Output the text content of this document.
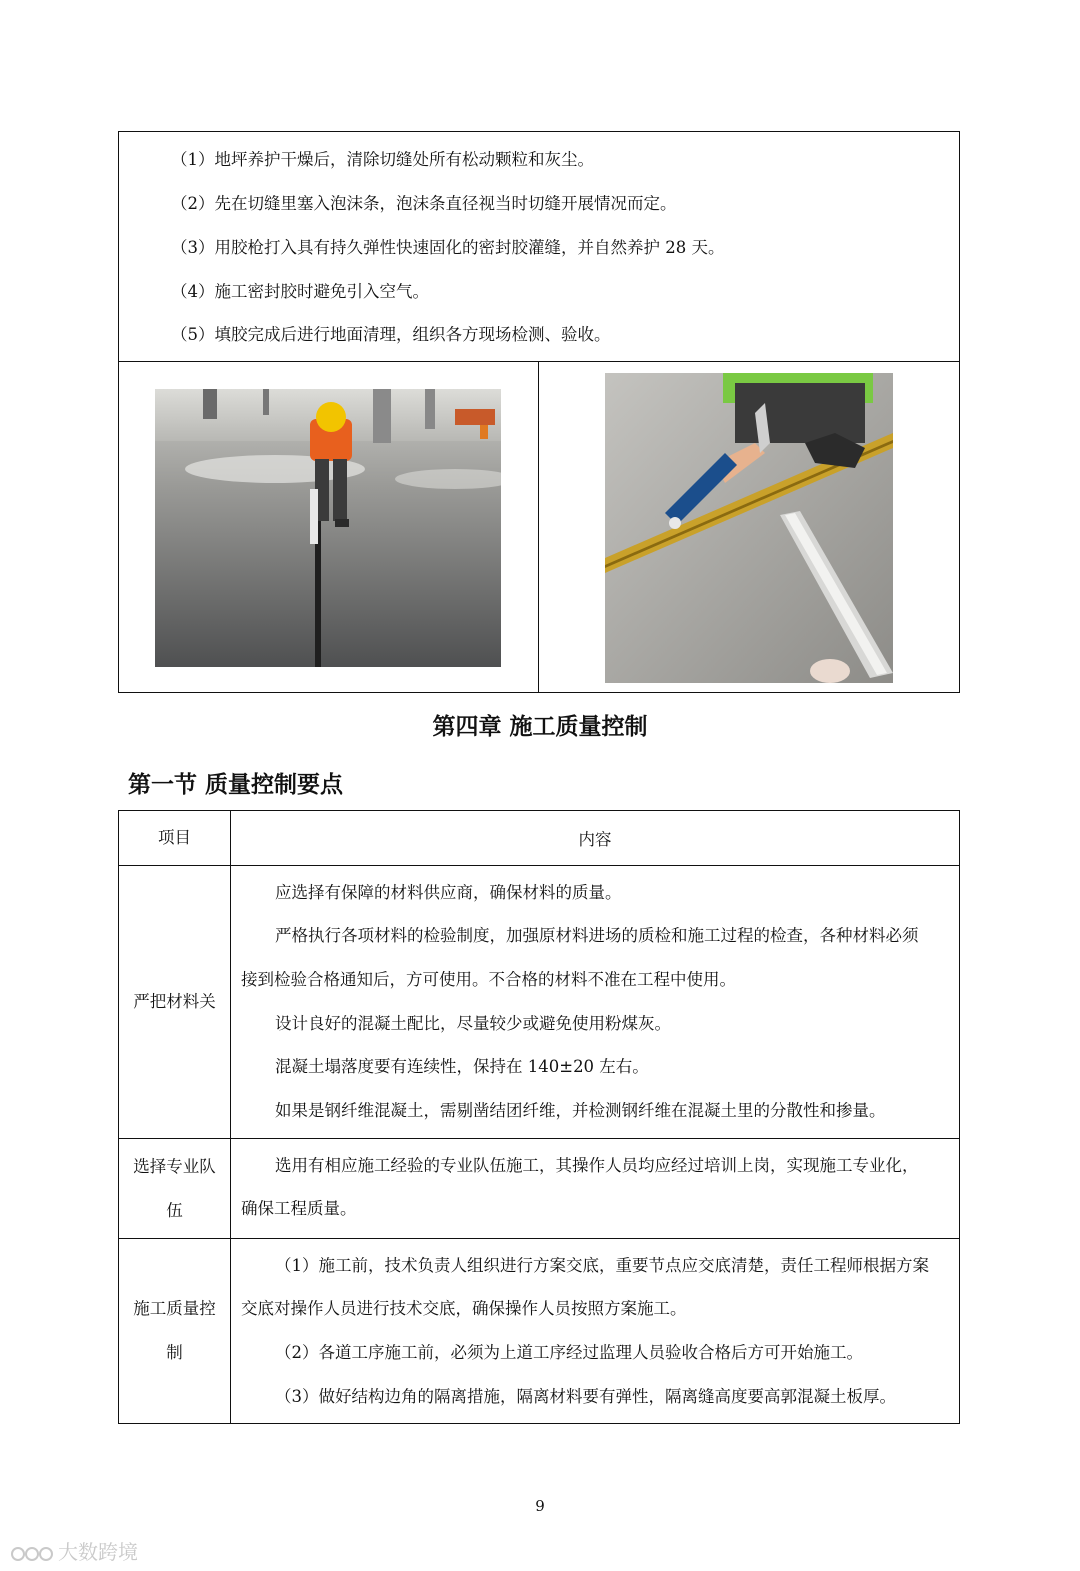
（1）地坪养护干燥后，清除切缝处所有松动颗粒和灰尘。
（2）先在切缝里塞入泡沫条，泡沫条直径视当时切缝开展情况而定。
（3）用胶枪打入具有持久弹性快速固化的密封胶灌缝，并自然养护 28 天。
（4）施工密封胶时避免引入空气。
（5）填胶完成后进行地面清理，组织各方现场检测、验收。
第四章 施工质量控制
第一节 质量控制要点
项目	内容
严把材料关
应选择有保障的材料供应商，确保材料的质量。
严格执行各项材料的检验制度，加强原材料进场的质检和施工过程的检查，各种材料必须
接到检验合格通知后，方可使用。不合格的材料不准在工程中使用。
设计良好的混凝土配比，尽量较少或避免使用粉煤灰。
混凝土塌落度要有连续性，保持在 140±20 左右。
如果是钢纤维混凝土，需剔凿结团纤维，并检测钢纤维在混凝土里的分散性和掺量。
选择专业队伍
选用有相应施工经验的专业队伍施工，其操作人员均应经过培训上岗，实现施工专业化，
确保工程质量。
施工质量控制
（1）施工前，技术负责人组织进行方案交底，重要节点应交底清楚，责任工程师根据方案
交底对操作人员进行技术交底，确保操作人员按照方案施工。
（2）各道工序施工前，必须为上道工序经过监理人员验收合格后方可开始施工。
（3）做好结构边角的隔离措施，隔离材料要有弹性，隔离缝高度要高郭混凝土板厚。
9
大数跨境
